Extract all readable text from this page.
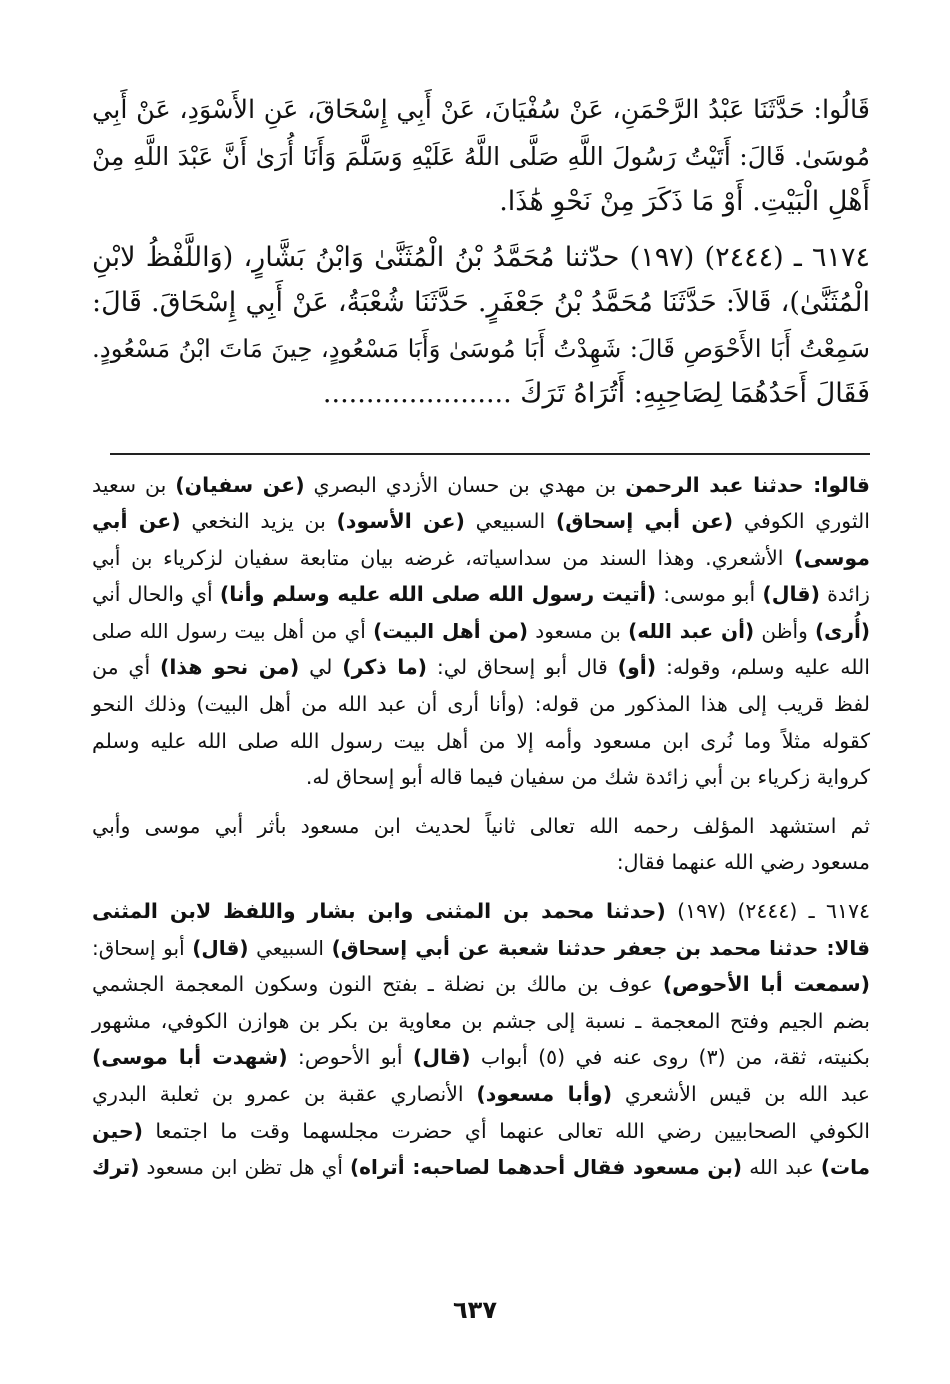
قَالُوا: حَدَّثَنَا عَبْدُ الرَّحْمَنِ، عَنْ سُفْيَانَ، عَنْ أَبِي إِسْحَاقَ، عَنِ الأَسْوَدِ، عَنْ أَبِي
مُوسَىٰ. قَالَ: أَتَيْتُ رَسُولَ اللَّهِ صَلَّى اللَّهُ عَلَيْهِ وَسَلَّمَ وَأَنَا أُرَىٰ أَنَّ عَبْدَ اللَّهِ مِنْ
أَهْلِ الْبَيْتِ. أَوْ مَا ذَكَرَ مِنْ نَحْوِ هَٰذَا.
٦١٧٤ ـ (٢٤٤٤) (١٩٧) حدّثنا مُحَمَّدُ بْنُ الْمُثَنَّىٰ وَابْنُ بَشَّارٍ، (وَاللَّفْظُ لابْنِ
الْمُثَنَّىٰ)، قَالاَ: حَدَّثَنَا مُحَمَّدُ بْنُ جَعْفَرٍ. حَدَّثَنَا شُعْبَةُ، عَنْ أَبِي إِسْحَاقَ. قَالَ:
سَمِعْتُ أَبَا الأَحْوَصِ قَالَ: شَهِدْتُ أَبَا مُوسَىٰ وَأَبَا مَسْعُودٍ، حِينَ مَاتَ ابْنُ مَسْعُودٍ.
فَقَالَ أَحَدُهُمَا لِصَاحِبِهِ: أَتُرَاهُ تَرَكَ ......................
قالوا: حدثنا عبد الرحمن بن مهدي بن حسان الأزدي البصري (عن سفيان) بن سعيد
الثوري الكوفي (عن أبي إسحاق) السبيعي (عن الأسود) بن يزيد النخعي (عن أبي
موسى) الأشعري. وهذا السند من سداسياته، غرضه بيان متابعة سفيان لزكرياء بن أبي
زائدة (قال) أبو موسى: (أتيت رسول الله صلى الله عليه وسلم وأنا) أي والحال أني
(أُرى) وأظن (أن عبد الله) بن مسعود (من أهل البيت) أي من أهل بيت رسول الله صلى
الله عليه وسلم، وقوله: (أو) قال أبو إسحاق لي: (ما ذكر) لي (من نحو هذا) أي من
لفظ قريب إلى هذا المذكور من قوله: (وأنا أرى أن عبد الله من أهل البيت) وذلك النحو
كقوله مثلاً وما نُرى ابن مسعود وأمه إلا من أهل بيت رسول الله صلى الله عليه وسلم
كرواية زكرياء بن أبي زائدة شك من سفيان فيما قاله أبو إسحاق له.
ثم استشهد المؤلف رحمه الله تعالى ثانياً لحديث ابن مسعود بأثر أبي موسى وأبي
مسعود رضي الله عنهما فقال:
٦١٧٤ ـ (٢٤٤٤) (١٩٧) (حدثنا محمد بن المثنى وابن بشار واللفظ لابن المثنى
قالا: حدثنا محمد بن جعفر حدثنا شعبة عن أبي إسحاق) السبيعي (قال) أبو إسحاق:
(سمعت أبا الأحوص) عوف بن مالك بن نضلة ـ بفتح النون وسكون المعجمة الجشمي
بضم الجيم وفتح المعجمة ـ نسبة إلى جشم بن معاوية بن بكر بن هوازن الكوفي، مشهور
بكنيته، ثقة، من (٣) روى عنه في (٥) أبواب (قال) أبو الأحوص: (شهدت أبا موسى)
عبد الله بن قيس الأشعري (وأبا مسعود) الأنصاري عقبة بن عمرو بن ثعلبة البدري
الكوفي الصحابيين رضي الله تعالى عنهما أي حضرت مجلسهما وقت ما اجتمعا (حين
مات) عبد الله (بن مسعود فقال أحدهما لصاحبه: أتراه) أي هل تظن ابن مسعود (ترك
٦٣٧
